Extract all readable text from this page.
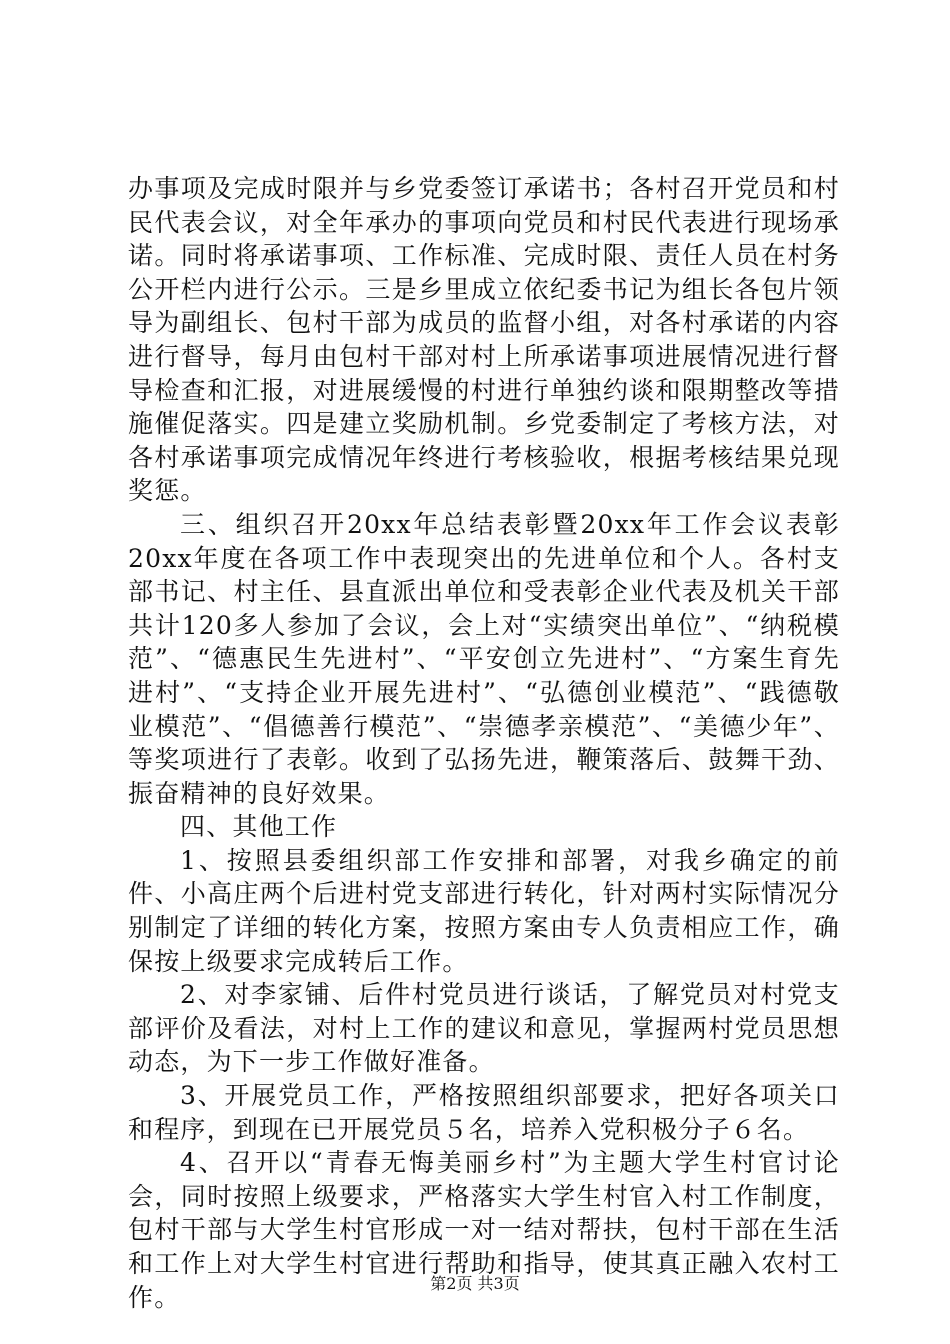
办事项及完成时限并与乡党委签订承诺书；各村召开党员和村民代表会议，对全年承办的事项向党员和村民代表进行现场承诺。同时将承诺事项、工作标准、完成时限、责任人员在村务公开栏内进行公示。三是乡里成立依纪委书记为组长各包片领导为副组长、包村干部为成员的监督小组，对各村承诺的内容进行督导，每月由包村干部对村上所承诺事项进展情况进行督导检查和汇报，对进展缓慢的村进行单独约谈和限期整改等措施催促落实。四是建立奖励机制。乡党委制定了考核方法，对各村承诺事项完成情况年终进行考核验收，根据考核结果兑现奖惩。

三、组织召开20xx年总结表彰暨20xx年工作会议表彰20xx年度在各项工作中表现突出的先进单位和个人。各村支部书记、村主任、县直派出单位和受表彰企业代表及机关干部共计120多人参加了会议，会上对“实绩突出单位”、“纳税模范”、“德惠民生先进村”、“平安创立先进村”、“方案生育先进村”、“支持企业开展先进村”、“弘德创业模范”、“践德敬业模范”、“倡德善行模范”、“崇德孝亲模范”、“美德少年”、等奖项进行了表彰。收到了弘扬先进，鞭策落后、鼓舞干劲、振奋精神的良好效果。

四、其他工作

1、按照县委组织部工作安排和部署，对我乡确定的前件、小高庄两个后进村党支部进行转化，针对两村实际情况分别制定了详细的转化方案，按照方案由专人负责相应工作，确保按上级要求完成转后工作。

2、对李家铺、后件村党员进行谈话，了解党员对村党支部评价及看法，对村上工作的建议和意见，掌握两村党员思想动态，为下一步工作做好准备。

3、开展党员工作，严格按照组织部要求，把好各项关口和程序，到现在已开展党员５名，培养入党积极分子６名。

4、召开以“青春无悔美丽乡村”为主题大学生村官讨论会，同时按照上级要求，严格落实大学生村官入村工作制度，包村干部与大学生村官形成一对一结对帮扶，包村干部在生活和工作上对大学生村官进行帮助和指导，使其真正融入农村工作。	第2页 共3页
